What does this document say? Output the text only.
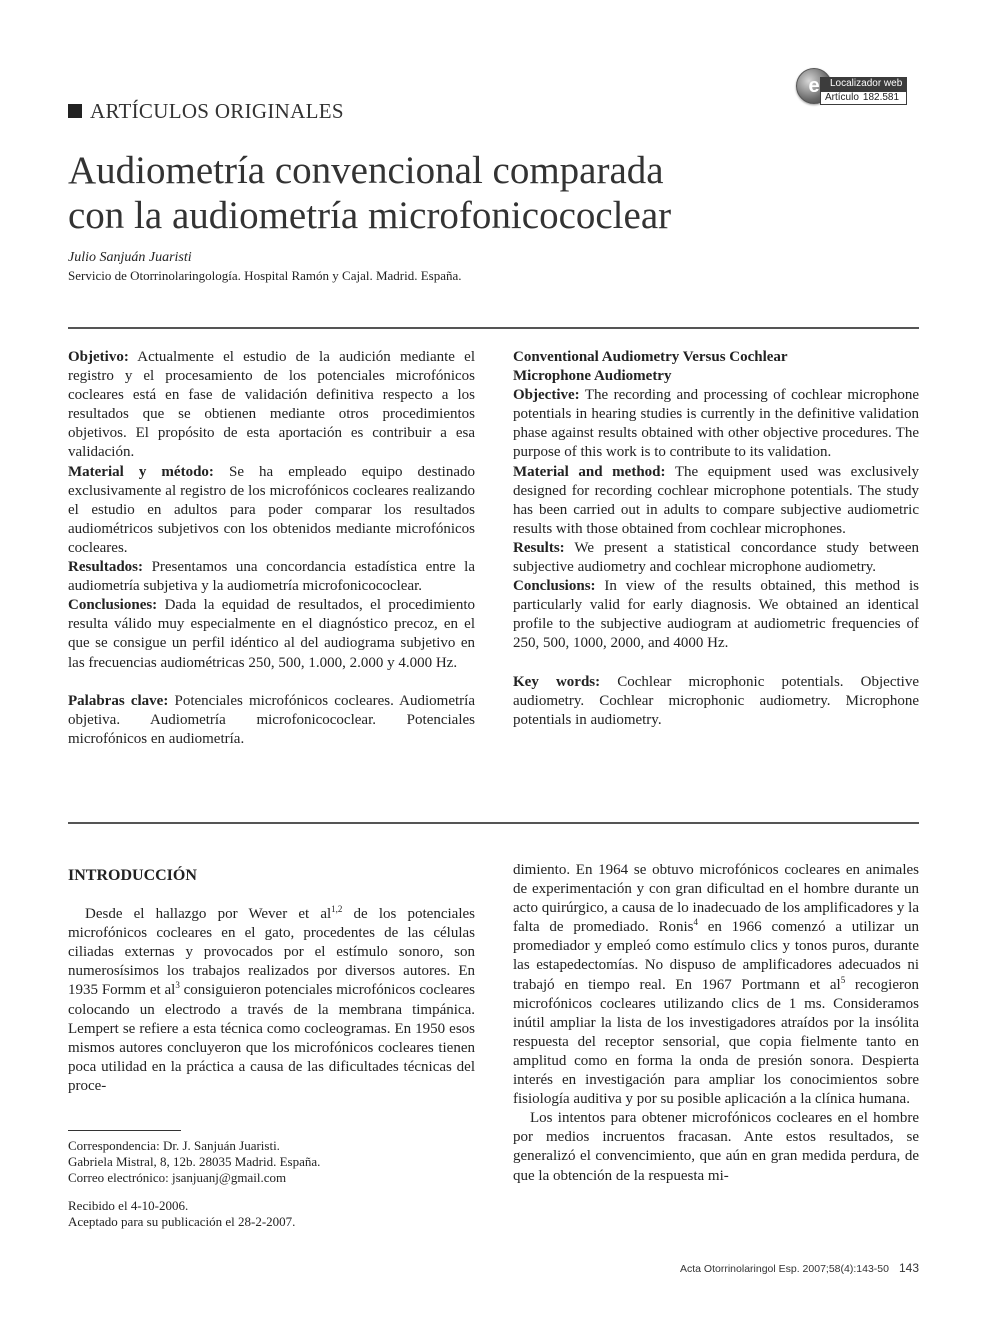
e	Localizador web
Artículo 182.581
ARTÍCULOS ORIGINALES
Audiometría convencional comparada
con la audiometría microfonicococlear
Julio Sanjuán Juaristi
Servicio de Otorrinolaringología. Hospital Ramón y Cajal. Madrid. España.

Objetivo: Actualmente el estudio de la audición mediante el registro y el procesamiento de los potenciales microfónicos cocleares está en fase de validación definitiva respecto a los resultados que se obtienen mediante otros procedimientos objetivos. El propósito de esta aportación es contribuir a esa validación.

Material y método: Se ha empleado equipo destinado exclusivamente al registro de los microfónicos cocleares realizando el estudio en adultos para poder comparar los resultados audiométricos subjetivos con los obtenidos mediante microfónicos cocleares.

Resultados: Presentamos una concordancia estadística entre la audiometría subjetiva y la audiometría microfonicococlear.

Conclusiones: Dada la equidad de resultados, el procedimiento resulta válido muy especialmente en el diagnóstico precoz, en el que se consigue un perfil idéntico al del audiograma subjetivo en las frecuencias audiométricas 250, 500, 1.000, 2.000 y 4.000 Hz.

Palabras clave: Potenciales microfónicos cocleares. Audiometría objetiva. Audiometría microfonicococlear. Potenciales microfónicos en audiometría.

Conventional Audiometry Versus Cochlear Microphone Audiometry

Objective: The recording and processing of cochlear microphone potentials in hearing studies is currently in the definitive validation phase against results obtained with other objective procedures. The purpose of this work is to contribute to its validation.

Material and method: The equipment used was exclusively designed for recording cochlear microphone potentials. The study has been carried out in adults to compare subjective audiometric results with those obtained from cochlear microphones.

Results: We present a statistical concordance study between subjective audiometry and cochlear microphone audiometry.

Conclusions: In view of the results obtained, this method is particularly valid for early diagnosis. We obtained an identical profile to the subjective audiogram at audiometric frequencies of 250, 500, 1000, 2000, and 4000 Hz.

Key words: Cochlear microphonic potentials. Objective audiometry. Cochlear microphonic audiometry. Microphone potentials in audiometry.

INTRODUCCIÓN

Desde el hallazgo por Wever et al$^{1,2}$ de los potenciales microfónicos cocleares en el gato, procedentes de las células ciliadas externas y provocados por el estímulo sonoro, son numerosísimos los trabajos realizados por diversos autores. En 1935 Formm et $al^3$ consiguieron potenciales microfónicos cocleares colocando un electrodo a través de la membrana timpánica. Lempert se refiere a esta técnica como cocleogramas. En 1950 esos mismos autores concluyeron que los microfónicos cocleares tienen poca utilidad en la práctica a causa de las dificultades técnicas del proce-

dimiento. En 1964 se obtuvo microfónicos cocleares en animales de experimentación y con gran dificultad en el hombre durante un acto quirúrgico, a causa de lo inadecuado de los amplificadores y la falta de promediado. Ronis$^4$ en 1966 comenzó a utilizar un promediador y empleó como estímulo clics y tonos puros, durante las estapedectomías. No dispuso de amplificadores adecuados ni trabajó en tiempo real. En 1967 Portmann et $al^5$ recogieron microfónicos cocleares utilizando clics de 1 ms. Consideramos inútil ampliar la lista de los investigadores atraídos por la insólita respuesta del receptor sensorial, que copia fielmente tanto en amplitud como en forma la onda de presión sonora. Despierta interés en investigación para ampliar los conocimientos sobre fisiología auditiva y por su posible aplicación a la clínica humana.

Los intentos para obtener microfónicos cocleares en el hombre por medios incruentos fracasan. Ante estos resultados, se generalizó el convencimiento, que aún en gran medida perdura, de que la obtención de la respuesta mi-

Correspondencia: Dr. J. Sanjuán Juaristi.
Gabriela Mistral, 8, 12b. 28035 Madrid. España.
Correo electrónico: jsanjuanj@gmail.com
Recibido el 4-10-2006.
Aceptado para su publicación el 28-2-2007.
Acta Otorrinolaringol Esp. 2007;58(4):143-50 143
